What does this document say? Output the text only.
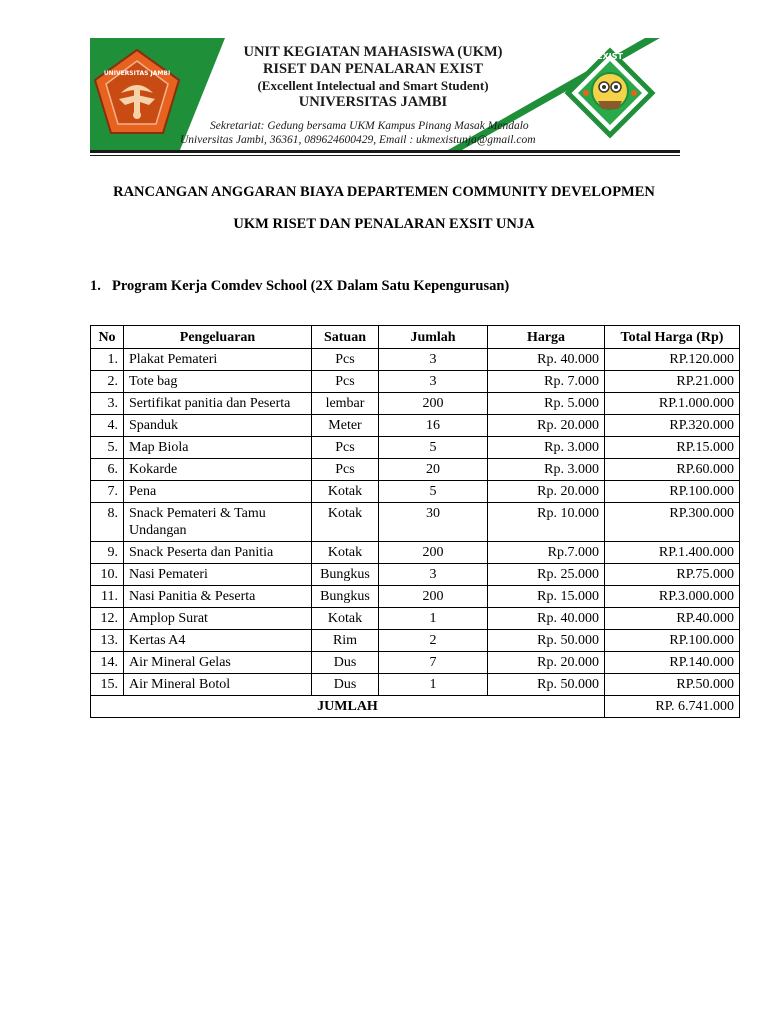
UNIVERSITAS JAMBI
EXIST
UNIT KEGIATAN MAHASISWA (UKM)
RISET DAN PENALARAN EXIST
(Excellent Intelectual and Smart Student)
UNIVERSITAS JAMBI
Sekretariat: Gedung bersama UKM Kampus Pinang Masak Mendalo
Universitas Jambi, 36361, 089624600429, Email : ukmexistunja@gmail.com
RANCANGAN ANGGARAN BIAYA DEPARTEMEN COMMUNITY DEVELOPMEN
UKM RISET DAN PENALARAN EXSIT UNJA
1. Program Kerja Comdev School (2X Dalam Satu Kepengurusan)
No	Pengeluaran	Satuan	Jumlah	Harga	Total Harga (Rp)
1.	Plakat Pemateri	Pcs	3	Rp. 40.000	RP.120.000
2.	Tote bag	Pcs	3	Rp. 7.000	RP.21.000
3.	Sertifikat panitia dan Peserta	lembar	200	Rp. 5.000	RP.1.000.000
4.	Spanduk	Meter	16	Rp. 20.000	RP.320.000
5.	Map Biola	Pcs	5	Rp. 3.000	RP.15.000
6.	Kokarde	Pcs	20	Rp. 3.000	RP.60.000
7.	Pena	Kotak	5	Rp. 20.000	RP.100.000
8.	Snack Pemateri & Tamu Undangan	Kotak	30	Rp. 10.000	RP.300.000
9.	Snack Peserta dan Panitia	Kotak	200	Rp.7.000	RP.1.400.000
10.	Nasi Pemateri	Bungkus	3	Rp. 25.000	RP.75.000
11.	Nasi Panitia & Peserta	Bungkus	200	Rp. 15.000	RP.3.000.000
12.	Amplop Surat	Kotak	1	Rp. 40.000	RP.40.000
13.	Kertas A4	Rim	2	Rp. 50.000	RP.100.000
14.	Air Mineral Gelas	Dus	7	Rp. 20.000	RP.140.000
15.	Air Mineral Botol	Dus	1	Rp. 50.000	RP.50.000
JUMLAH					RP. 6.741.000
